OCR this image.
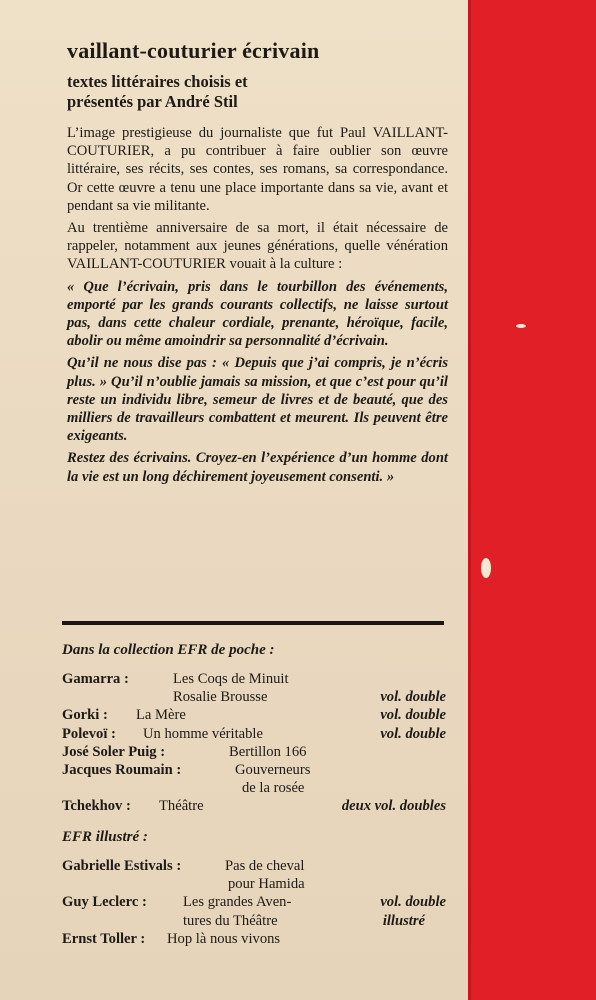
vaillant-couturier écrivain
textes littéraires choisis et
présentés par André Stil

L’image prestigieuse du journaliste que fut Paul VAILLANT-COUTURIER, a pu contribuer à faire oublier son œuvre littéraire, ses récits, ses contes, ses romans, sa correspondance. Or cette œuvre a tenu une place importante dans sa vie, avant et pendant sa vie militante.

Au trentième anniversaire de sa mort, il était nécessaire de rappeler, notamment aux jeunes générations, quelle vénération VAILLANT-COUTURIER vouait à la culture :

« Que l’écrivain, pris dans le tourbillon des événements, emporté par les grands courants collectifs, ne laisse surtout pas, dans cette chaleur cordiale, prenante, héroïque, facile, abolir ou même amoindrir sa personnalité d’écrivain.

Qu’il ne nous dise pas : « Depuis que j’ai compris, je n’écris plus. » Qu’il n’oublie jamais sa mission, et que c’est pour qu’il reste un individu libre, semeur de livres et de beauté, que des milliers de travailleurs combattent et meurent. Ils peuvent être exigeants.

Restez des écrivains. Croyez-en l’expérience d’un homme dont la vie est un long déchirement joyeusement consenti. »

Dans la collection EFR de poche :

Gamarra :	Les Coqs de Minuit
Rosalie Brousse	vol. double
Gorki : La Mère	vol. double
Polevoï : Un homme véritable	vol. double
José Soler Puig :	Bertillon 166
Jacques Roumain :	Gouverneurs
de la rosée
Tchekhov : Théâtre	deux vol. doubles

EFR illustré :

Gabrielle Estivals :	Pas de cheval
pour Hamida
Guy Leclerc : Les grandes Aven-	vol. double
tures du Théâtre	illustré
Ernst Toller : Hop là nous vivons
